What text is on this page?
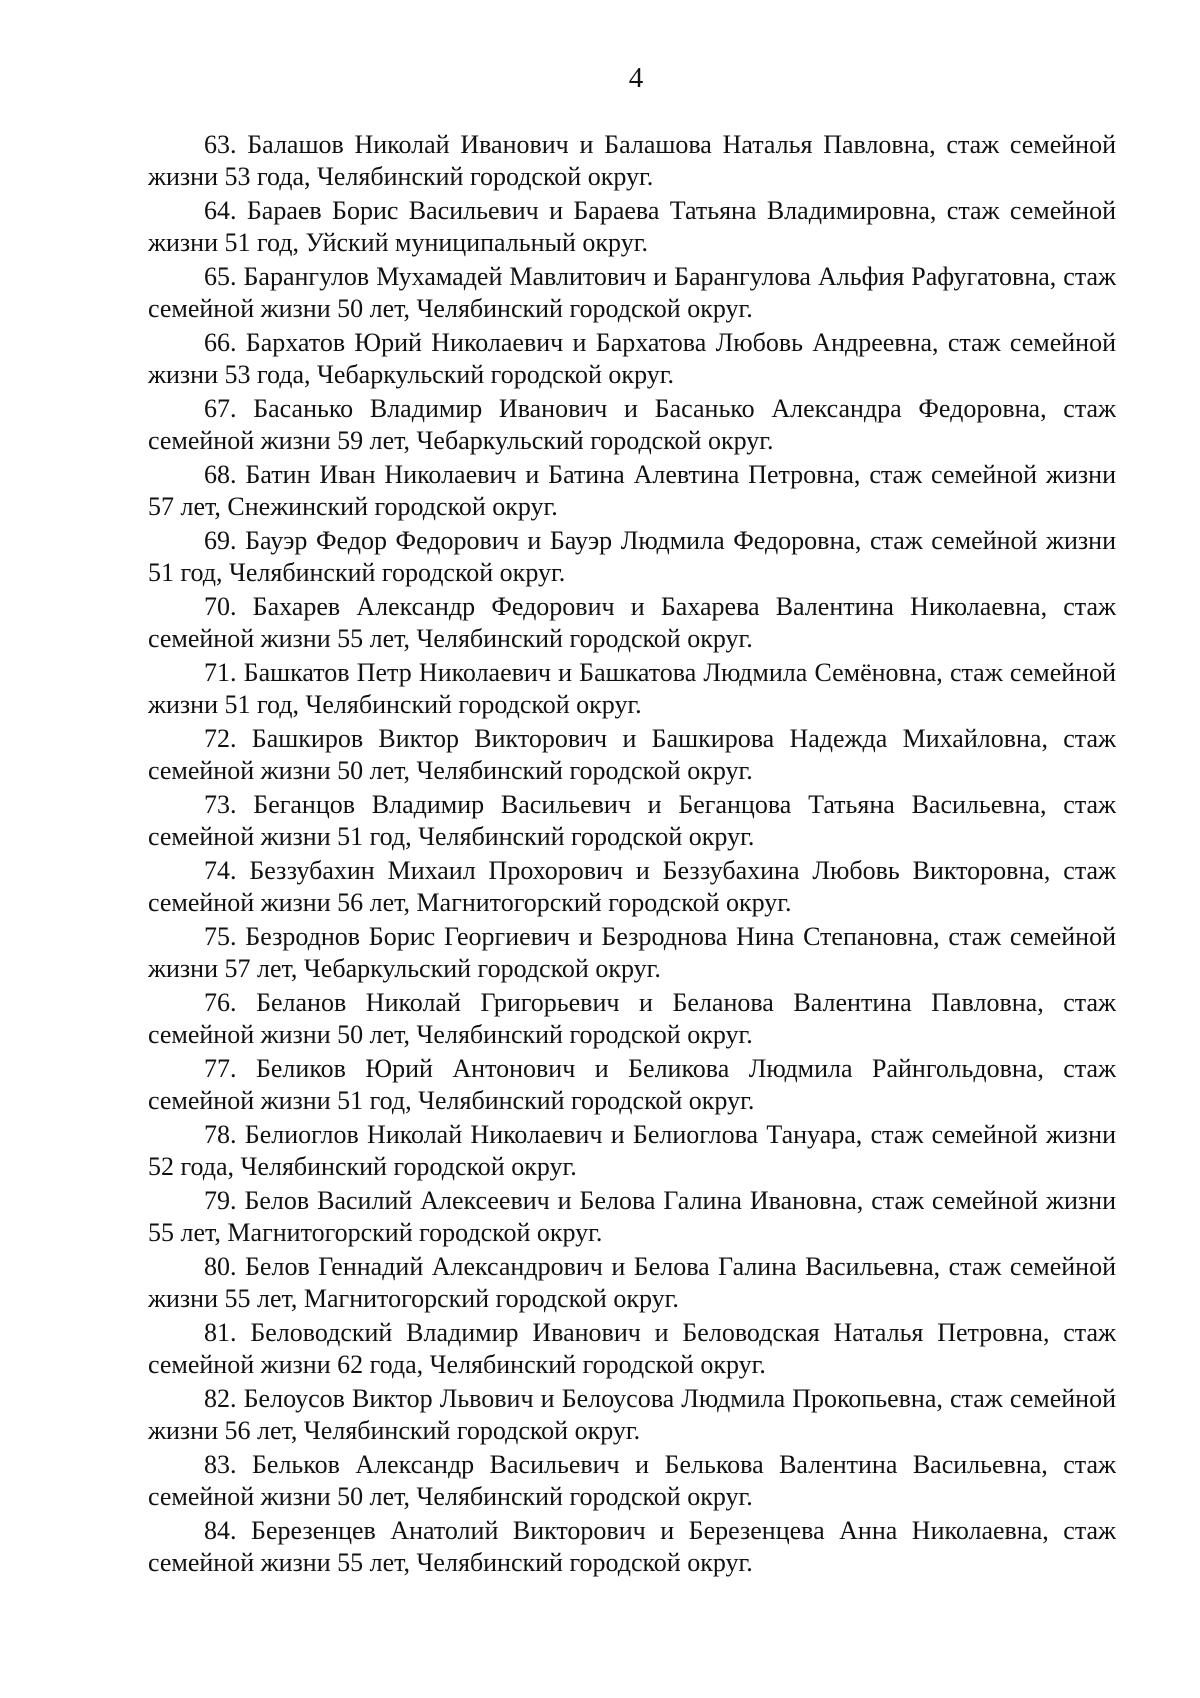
4

63. Балашов Николай Иванович и Балашова Наталья Павловна, стаж семейной жизни 53 года, Челябинский городской округ.

64. Бараев Борис Васильевич и Бараева Татьяна Владимировна, стаж семейной жизни 51 год, Уйский муниципальный округ.

65. Барангулов Мухамадей Мавлитович и Барангулова Альфия Рафугатовна, стаж семейной жизни 50 лет, Челябинский городской округ.

66. Бархатов Юрий Николаевич и Бархатова Любовь Андреевна, стаж семейной жизни 53 года, Чебаркульский городской округ.

67. Басанько Владимир Иванович и Басанько Александра Федоровна, стаж семейной жизни 59 лет, Чебаркульский городской округ.

68. Батин Иван Николаевич и Батина Алевтина Петровна, стаж семейной жизни 57 лет, Снежинский городской округ.

69. Бауэр Федор Федорович и Бауэр Людмила Федоровна, стаж семейной жизни 51 год, Челябинский городской округ.

70. Бахарев Александр Федорович и Бахарева Валентина Николаевна, стаж семейной жизни 55 лет, Челябинский городской округ.

71. Башкатов Петр Николаевич и Башкатова Людмила Семёновна, стаж семейной жизни 51 год, Челябинский городской округ.

72. Башкиров Виктор Викторович и Башкирова Надежда Михайловна, стаж семейной жизни 50 лет, Челябинский городской округ.

73. Беганцов Владимир Васильевич и Беганцова Татьяна Васильевна, стаж семейной жизни 51 год, Челябинский городской округ.

74. Беззубахин Михаил Прохорович и Беззубахина Любовь Викторовна, стаж семейной жизни 56 лет, Магнитогорский городской округ.

75. Безроднов Борис Георгиевич и Безроднова Нина Степановна, стаж семейной жизни 57 лет, Чебаркульский городской округ.

76. Беланов Николай Григорьевич и Беланова Валентина Павловна, стаж семейной жизни 50 лет, Челябинский городской округ.

77. Беликов Юрий Антонович и Беликова Людмила Райнгольдовна, стаж семейной жизни 51 год, Челябинский городской округ.

78. Белиоглов Николай Николаевич и Белиоглова Тануара, стаж семейной жизни 52 года, Челябинский городской округ.

79. Белов Василий Алексеевич и Белова Галина Ивановна, стаж семейной жизни 55 лет, Магнитогорский городской округ.

80. Белов Геннадий Александрович и Белова Галина Васильевна, стаж семейной жизни 55 лет, Магнитогорский городской округ.

81. Беловодский Владимир Иванович и Беловодская Наталья Петровна, стаж семейной жизни 62 года, Челябинский городской округ.

82. Белоусов Виктор Львович и Белоусова Людмила Прокопьевна, стаж семейной жизни 56 лет, Челябинский городской округ.

83. Бельков Александр Васильевич и Белькова Валентина Васильевна, стаж семейной жизни 50 лет, Челябинский городской округ.

84. Березенцев Анатолий Викторович и Березенцева Анна Николаевна, стаж семейной жизни 55 лет, Челябинский городской округ.
